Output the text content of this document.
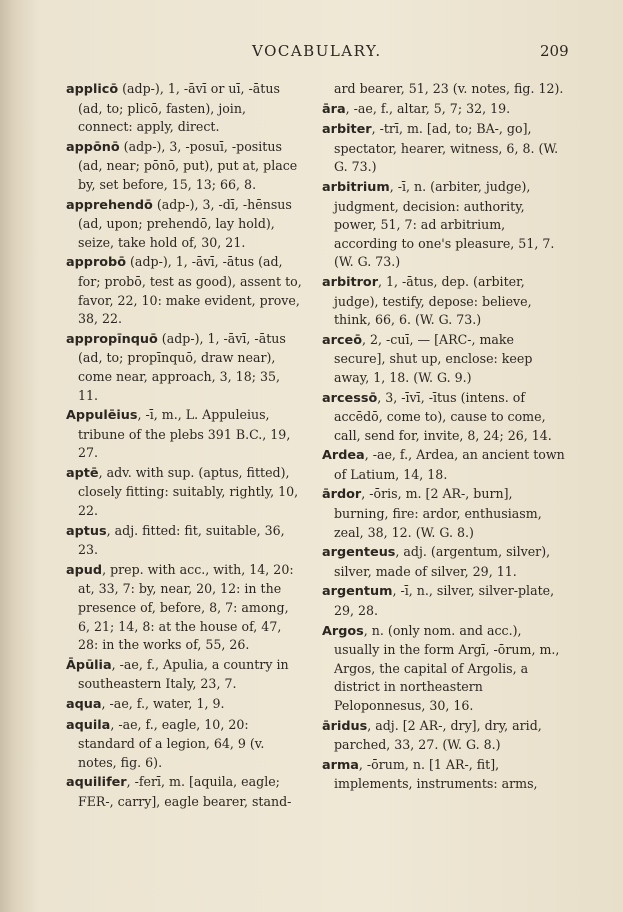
VOCABULARY.	209
applicō (adp-), 1, -āvī or uī, -ātus (ad, to; plicō, fasten), join, connect: apply, direct.
appōnō (adp-), 3, -posuī, -positus (ad, near; pōnō, put), put at, place by, set before, 15, 13; 66, 8.
apprehendō (adp-), 3, -dī, -hēnsus (ad, upon; prehendō, lay hold), seize, take hold of, 30, 21.
approbō (adp-), 1, -āvī, -ātus (ad, for; probō, test as good), assent to, favor, 22, 10: make evident, prove, 38, 22.
appropīnquō (adp-), 1, -āvī, -ātus (ad, to; propīnquō, draw near), come near, approach, 3, 18; 35, 11.
Appulēius, -ī, m., L. Appuleius, tribune of the plebs 391 B.C., 19, 27.
aptē, adv. with sup. (aptus, fitted), closely fitting: suitably, rightly, 10, 22.
aptus, adj. fitted: fit, suitable, 36, 23.
apud, prep. with acc., with, 14, 20: at, 33, 7: by, near, 20, 12: in the presence of, before, 8, 7: among, 6, 21; 14, 8: at the house of, 47, 28: in the works of, 55, 26.
Āpūlia, -ae, f., Apulia, a country in southeastern Italy, 23, 7.
aqua, -ae, f., water, 1, 9.
aquila, -ae, f., eagle, 10, 20: standard of a legion, 64, 9 (v. notes, fig. 6).
aquilifer, -ferī, m. [aquila, eagle; FER-, carry], eagle bearer, stand-
ard bearer, 51, 23 (v. notes, fig. 12).
āra, -ae, f., altar, 5, 7; 32, 19.
arbiter, -trī, m. [ad, to; BA-, go], spectator, hearer, witness, 6, 8. (W. G. 73.)
arbitrium, -ī, n. (arbiter, judge), judgment, decision: authority, power, 51, 7: ad arbitrium, according to one's pleasure, 51, 7. (W. G. 73.)
arbitror, 1, -ātus, dep. (arbiter, judge), testify, depose: believe, think, 66, 6. (W. G. 73.)
arceō, 2, -cuī, — [ARC-, make secure], shut up, enclose: keep away, 1, 18. (W. G. 9.)
arcessō, 3, -īvī, -ītus (intens. of accēdō, come to), cause to come, call, send for, invite, 8, 24; 26, 14.
Ardea, -ae, f., Ardea, an ancient town of Latium, 14, 18.
ārdor, -ōris, m. [2 AR-, burn], burning, fire: ardor, enthusiasm, zeal, 38, 12. (W. G. 8.)
argenteus, adj. (argentum, silver), silver, made of silver, 29, 11.
argentum, -ī, n., silver, silver-plate, 29, 28.
Argos, n. (only nom. and acc.), usually in the form Argī, -ōrum, m., Argos, the capital of Argolis, a district in northeastern Peloponnesus, 30, 16.
āridus, adj. [2 AR-, dry], dry, arid, parched, 33, 27. (W. G. 8.)
arma, -ōrum, n. [1 AR-, fit], implements, instruments: arms,
